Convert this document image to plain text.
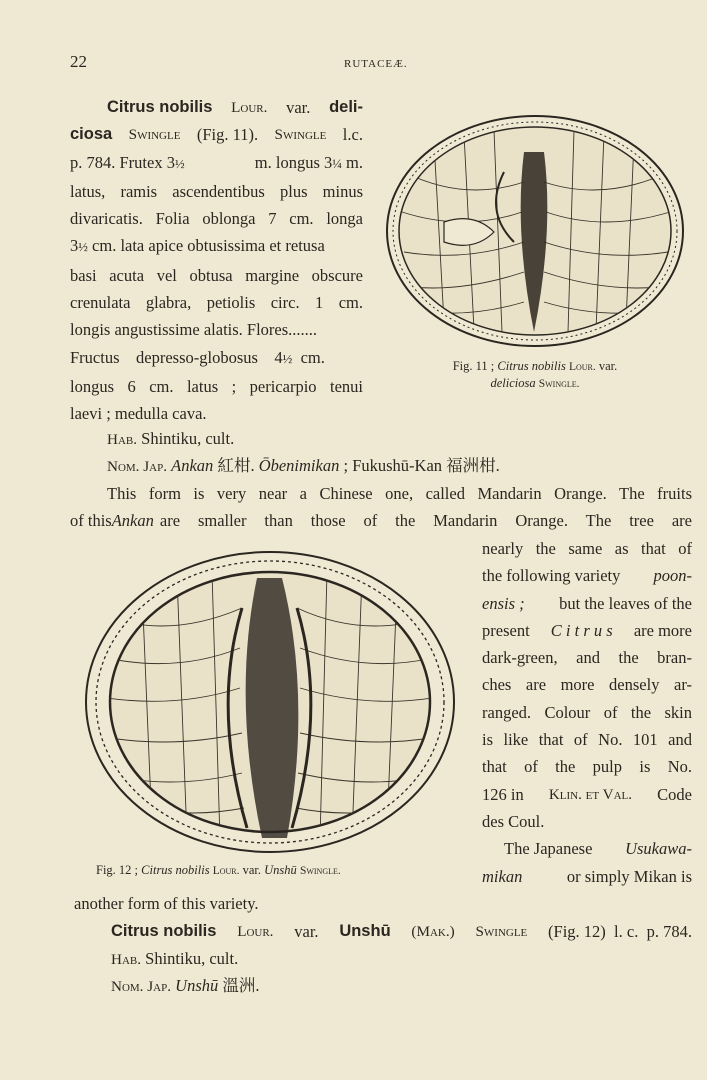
22	RUTACEÆ.
Citrus nobilis Lour. var. deli-
ciosa Swingle (Fig. 11). Swingle l.c.
p. 784. Frutex 3½	m. longus 3¼ m.
latus, ramis ascendentibus plus minus
divaricatis. Folia oblonga 7 cm. longa
3½ cm. lata apice obtusissima et retusa
basi acuta vel obtusa margine obscure
crenulata glabra, petiolis circ. 1 cm.
longis angustissime alatis. Flores.......
Fructus    depresso-globosus    4½  cm.
longus 6 cm. latus ; pericarpio tenui
laevi ; medulla cava.
Fig. 11 ; Citrus nobilis Lour. var.
deliciosa Swingle.
Hab. Shintiku, cult.
Nom. Jap. Ankan 紅柑. Ōbenimikan ; Fukushū-Kan 福洲柑.
This form is very near a Chinese one, called Mandarin Orange. The fruits
of this Ankan are smaller than those of the Mandarin Orange. The tree are
Fig. 12 ; Citrus nobilis Lour. var. Unshū Swingle.
nearly the same as that of
the following variety poon-
ensis ; but the leaves of the
present C i t r u s are more
dark-green, and the bran-
ches are more densely ar-
ranged. Colour of the skin
is like that of No. 101 and
that of the pulp is No.
126 in Klin. et Val. Code
des Coul.
The Japanese Usukawa-
mikan	or simply Mikan is
another form of this variety.
Citrus nobilis Lour. var. Unshū (Mak.) Swingle (Fig. 12)  l. c.  p. 784.
Hab. Shintiku, cult.
Nom. Jap. Unshū 溫洲.
